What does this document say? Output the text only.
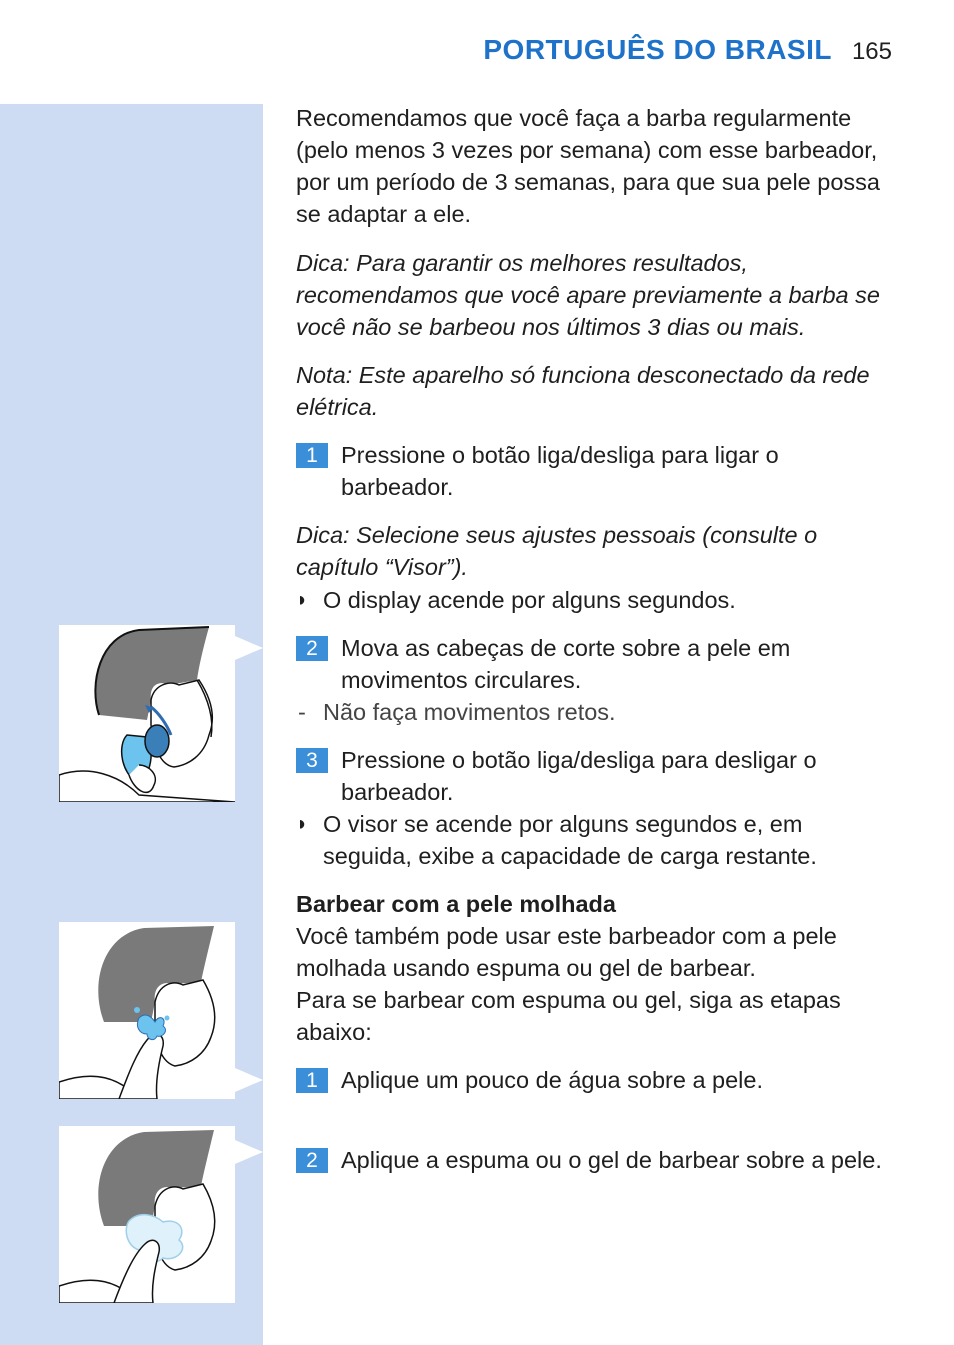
PORTUGUÊS DO BRASIL 165

Recomendamos que você faça a barba regularmente (pelo menos 3 vezes por semana) com esse barbeador, por um período de 3 semanas, para que sua pele possa se adaptar a ele.

Dica: Para garantir os melhores resultados, recomendamos que você apare previamente a barba se você não se barbeou nos últimos 3 dias ou mais.

Nota: Este aparelho só funciona desconectado da rede elétrica.

1 Pressione o botão liga/desliga para ligar o barbeador.

Dica: Selecione seus ajustes pessoais (consulte o capítulo “Visor”).

◗ O display acende por alguns segundos.
2 Mova as cabeças de corte sobre a pele em movimentos circulares.
- Não faça movimentos retos.
3 Pressione o botão liga/desliga para desligar o barbeador.
◗ O visor se acende por alguns segundos e, em seguida, exibe a capacidade de carga restante.

Barbear com a pele molhada

Você também pode usar este barbeador com a pele molhada usando espuma ou gel de barbear.

Para se barbear com espuma ou gel, siga as etapas abaixo:

1 Aplique um pouco de água sobre a pele.
2 Aplique a espuma ou o gel de barbear sobre a pele.
